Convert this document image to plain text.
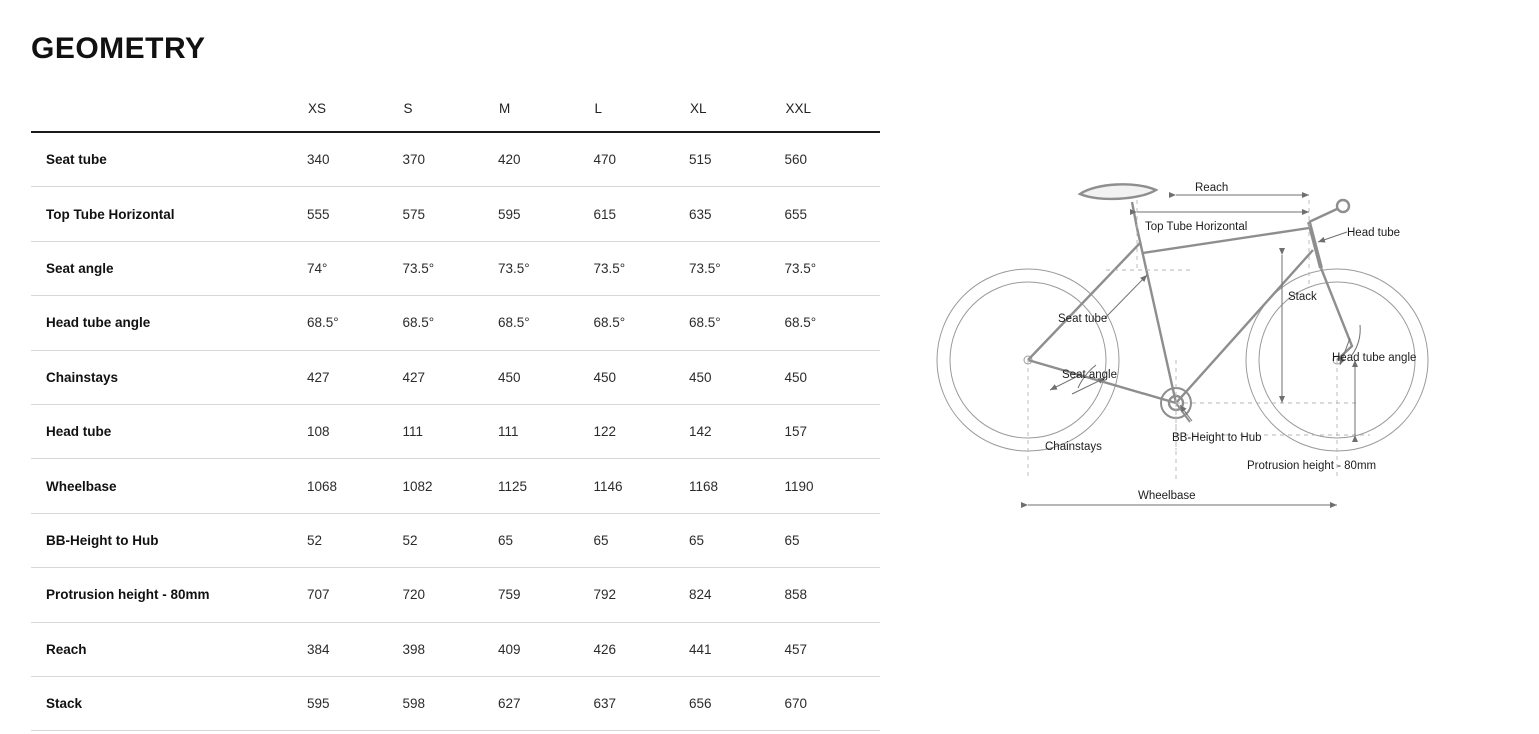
GEOMETRY
	XS	S	M	L	XL	XXL
Seat tube	340	370	420	470	515	560
Top Tube Horizontal	555	575	595	615	635	655
Seat angle	74°	73.5°	73.5°	73.5°	73.5°	73.5°
Head tube angle	68.5°	68.5°	68.5°	68.5°	68.5°	68.5°
Chainstays	427	427	450	450	450	450
Head tube	108	111	111	122	142	157
Wheelbase	1068	1082	1125	1146	1168	1190
BB-Height to Hub	52	52	65	65	65	65
Protrusion height - 80mm	707	720	759	792	824	858
Reach	384	398	409	426	441	457
Stack	595	598	627	637	656	670
Reach
Top Tube Horizontal	Head tube
Stack
Seat tube
Seat angle
Head tube angle
Chainstays
BB-Height to Hub
Protrusion height - 80mm
Wheelbase
